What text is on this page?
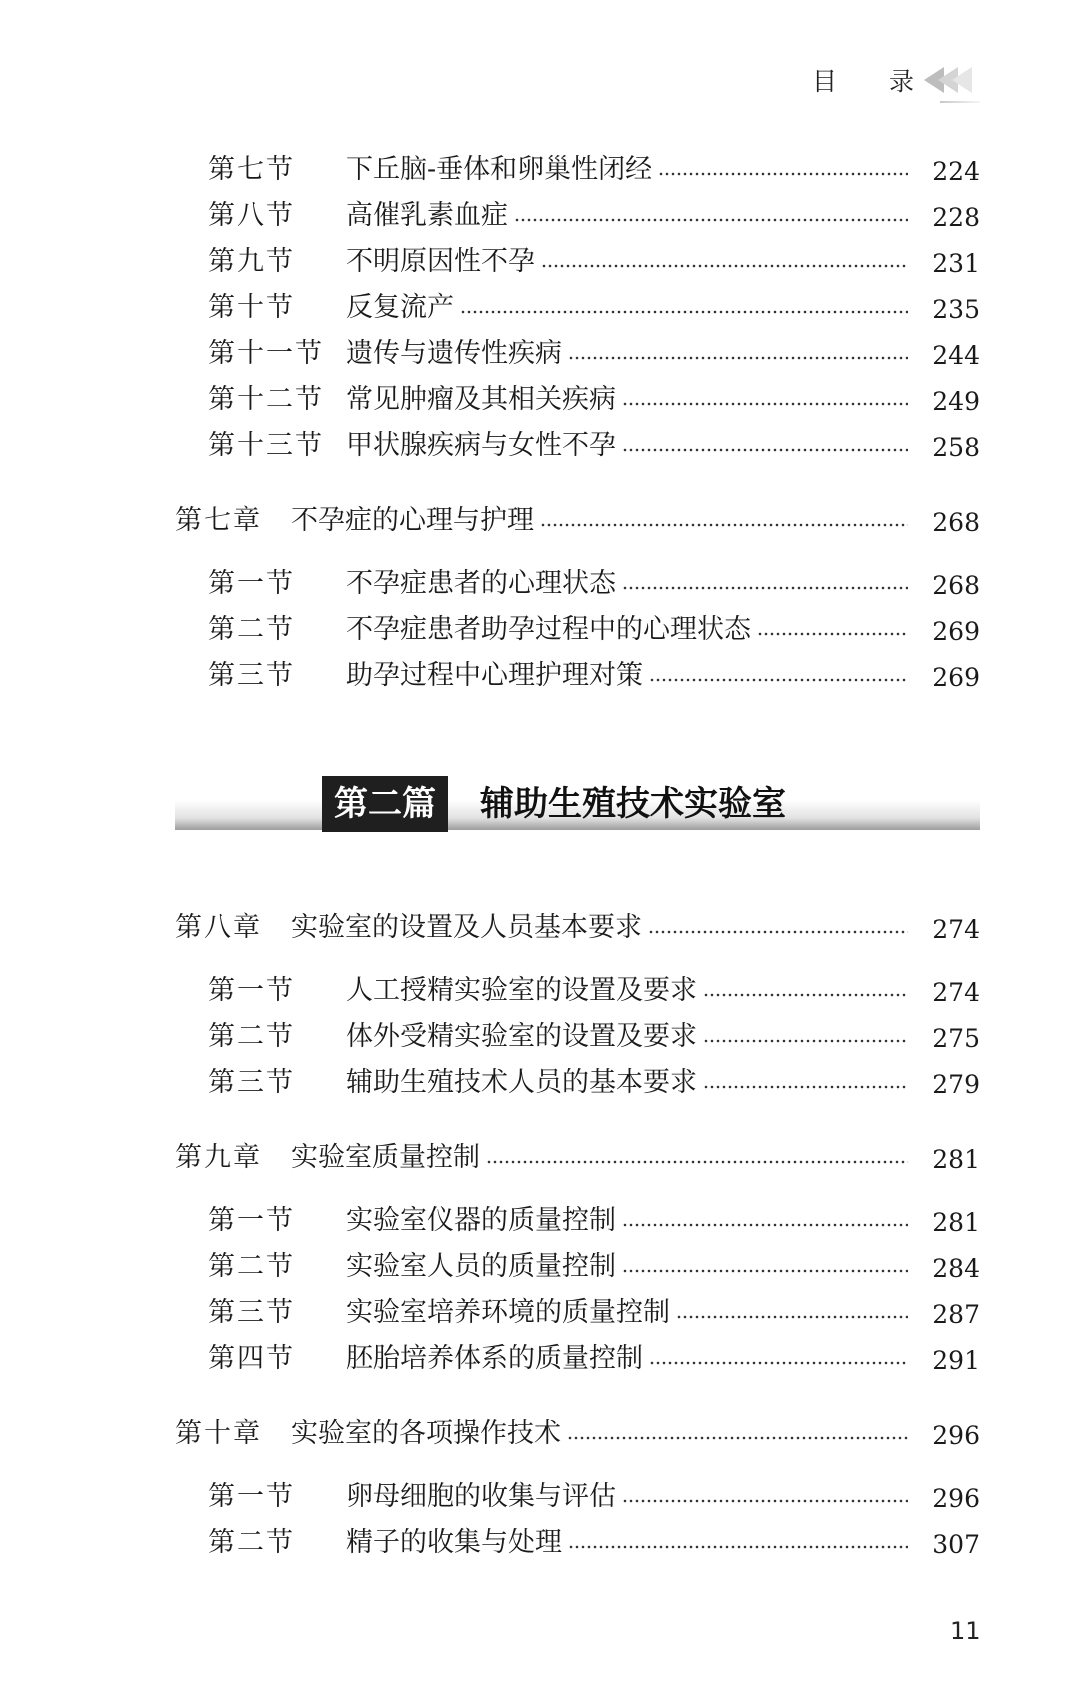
目 录
第七节 下丘脑-垂体和卵巢性闭经	224
第八节 高催乳素血症	228
第九节 不明原因性不孕	231
第十节 反复流产	235
第十一节 遗传与遗传性疾病	244
第十二节 常见肿瘤及其相关疾病	249
第十三节 甲状腺疾病与女性不孕	258
第七章 不孕症的心理与护理	268
第一节 不孕症患者的心理状态	268
第二节 不孕症患者助孕过程中的心理状态	269
第三节 助孕过程中心理护理对策	269
第八章 实验室的设置及人员基本要求	274
第一节 人工授精实验室的设置及要求	274
第二节 体外受精实验室的设置及要求	275
第三节 辅助生殖技术人员的基本要求	279
第九章 实验室质量控制	281
第一节 实验室仪器的质量控制	281
第二节 实验室人员的质量控制	284
第三节 实验室培养环境的质量控制	287
第四节 胚胎培养体系的质量控制	291
第十章 实验室的各项操作技术	296
第一节 卵母细胞的收集与评估	296
第二节 精子的收集与处理	307
第二篇	辅助生殖技术实验室
11
